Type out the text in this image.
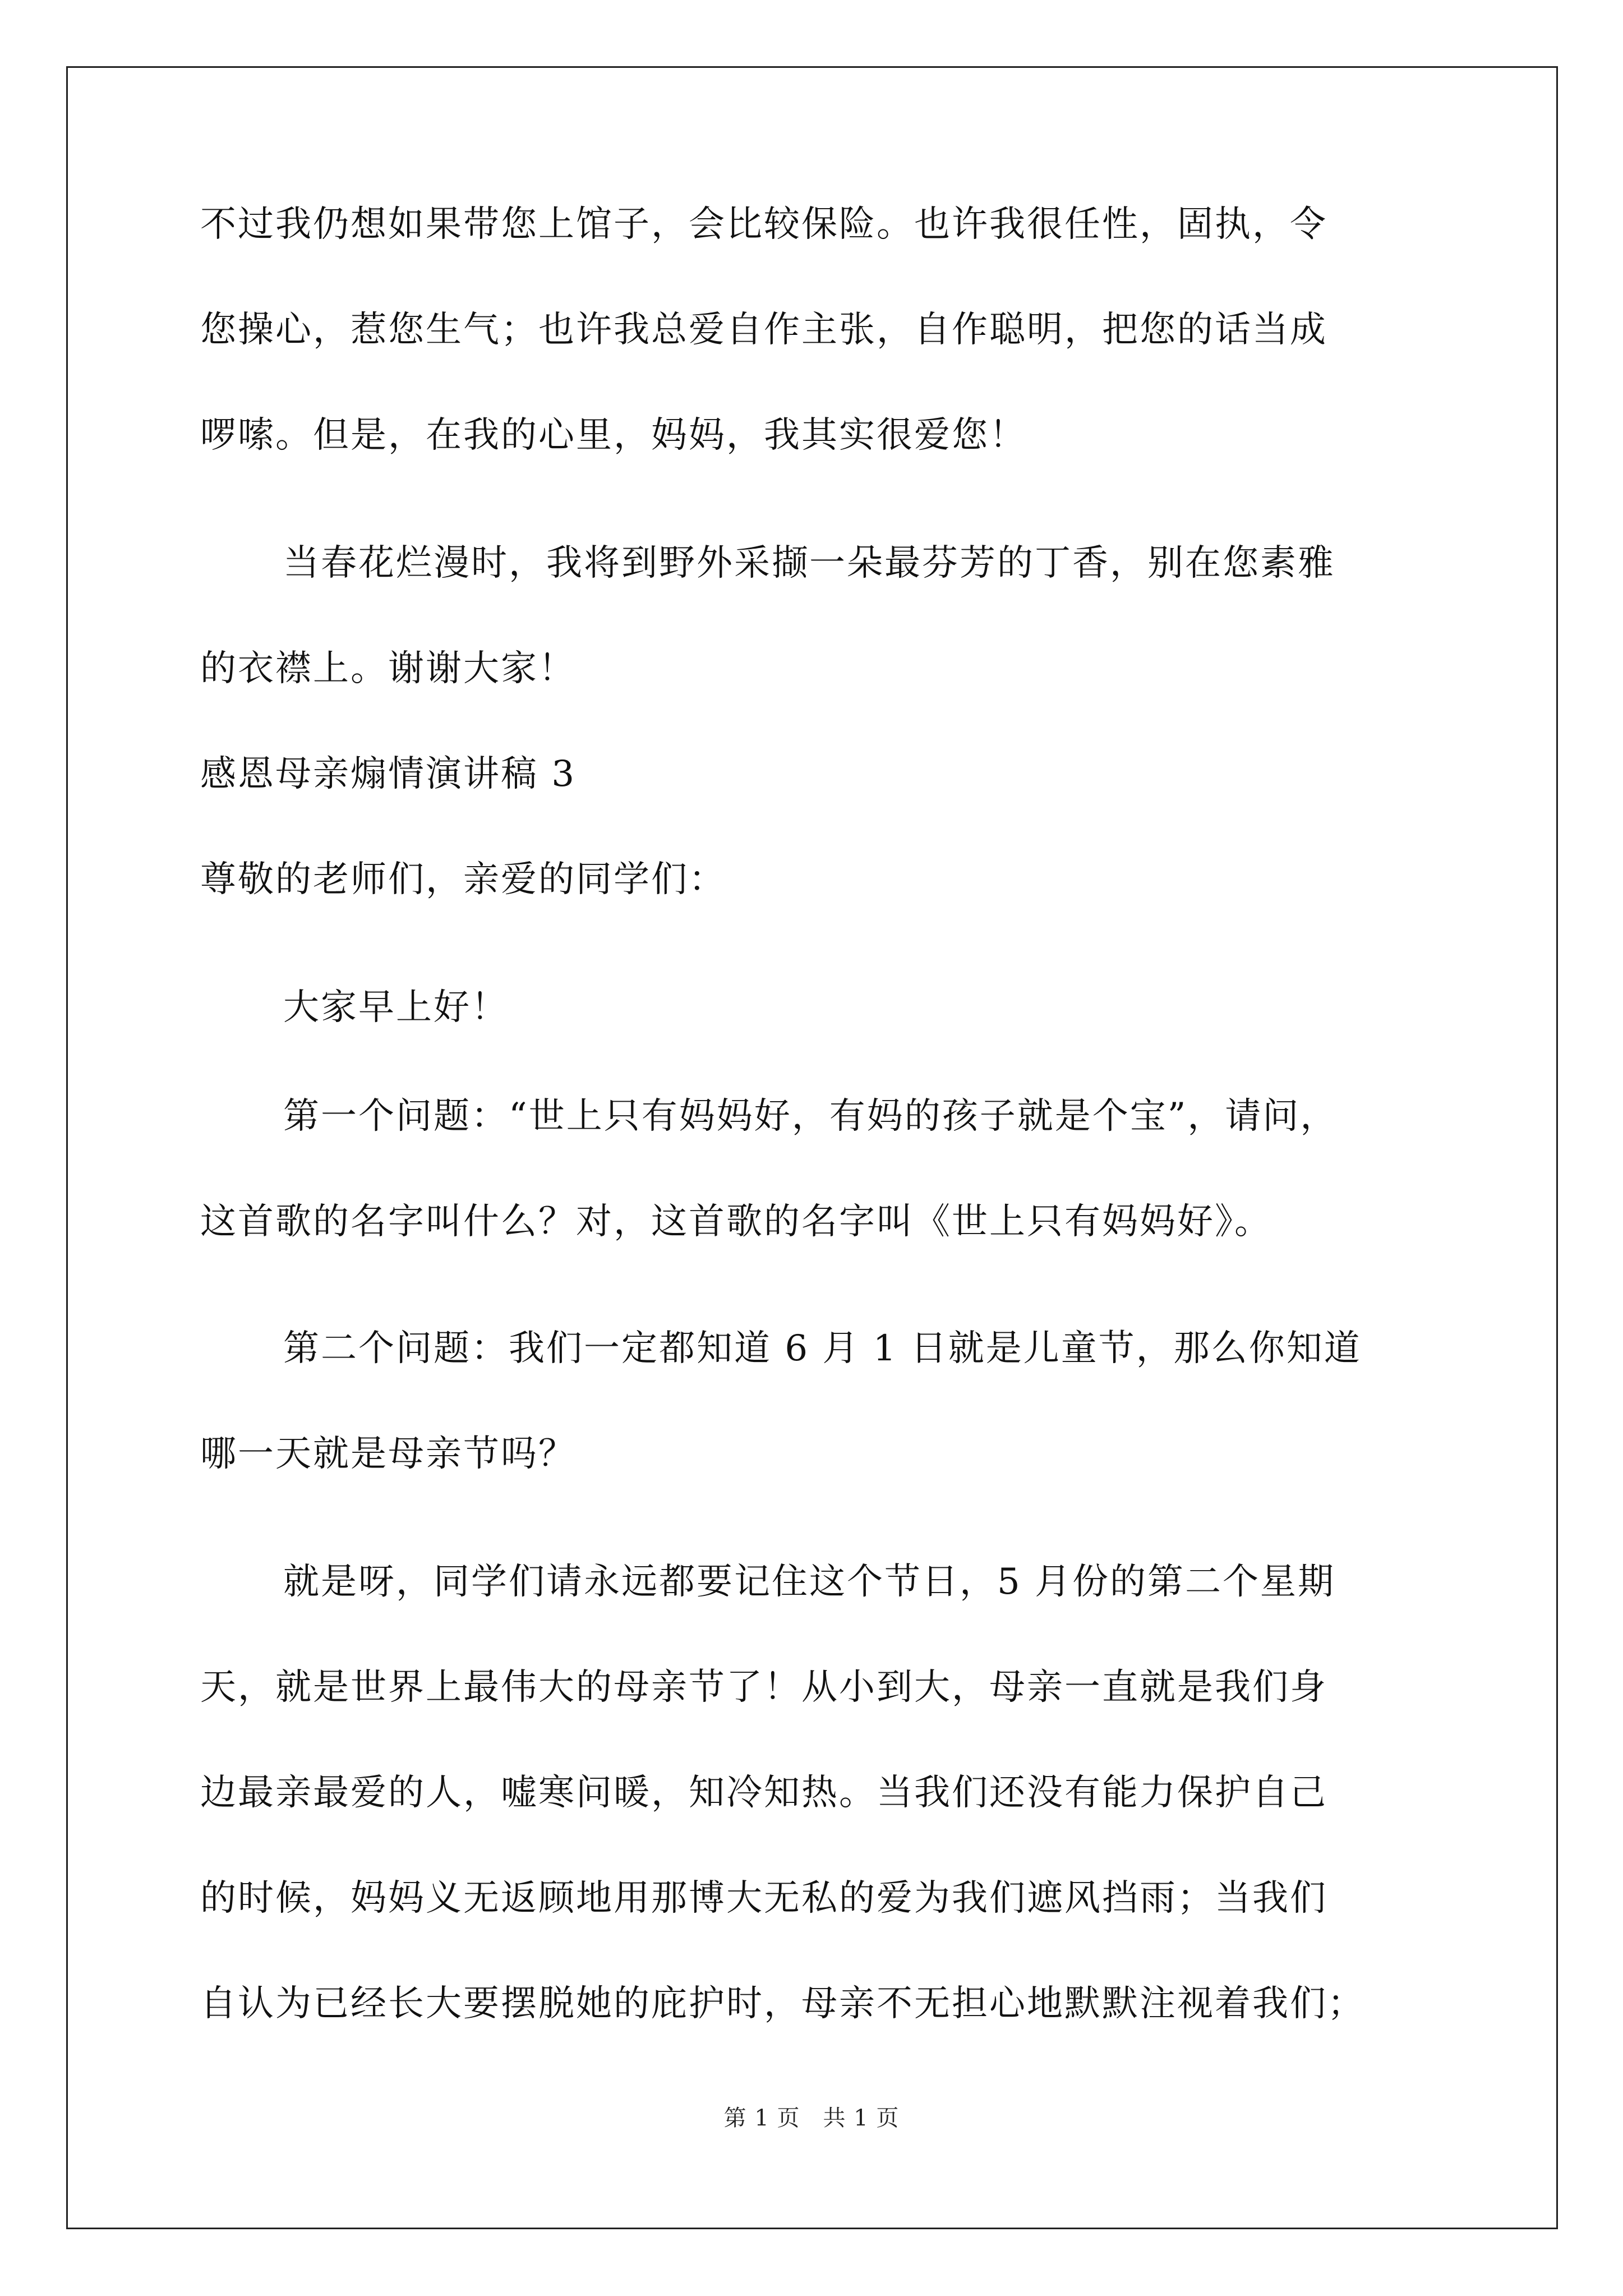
不过我仍想如果带您上馆子，会比较保险。也许我很任性，固执，令
您操心，惹您生气；也许我总爱自作主张，自作聪明，把您的话当成
啰嗦。但是，在我的心里，妈妈，我其实很爱您！
当春花烂漫时，我将到野外采撷一朵最芬芳的丁香，别在您素雅
的衣襟上。谢谢大家！
感恩母亲煽情演讲稿 3
尊敬的老师们，亲爱的同学们：
大家早上好！
第一个问题：“世上只有妈妈好，有妈的孩子就是个宝”，请问，
这首歌的名字叫什么？对，这首歌的名字叫《世上只有妈妈好》。
第二个问题：我们一定都知道 6 月 1 日就是儿童节，那么你知道
哪一天就是母亲节吗？
就是呀，同学们请永远都要记住这个节日，5 月份的第二个星期
天，就是世界上最伟大的母亲节了！从小到大，母亲一直就是我们身
边最亲最爱的人，嘘寒问暖，知冷知热。当我们还没有能力保护自己
的时候，妈妈义无返顾地用那博大无私的爱为我们遮风挡雨；当我们
自认为已经长大要摆脱她的庇护时，母亲不无担心地默默注视着我们；
第 1 页　共 1 页
